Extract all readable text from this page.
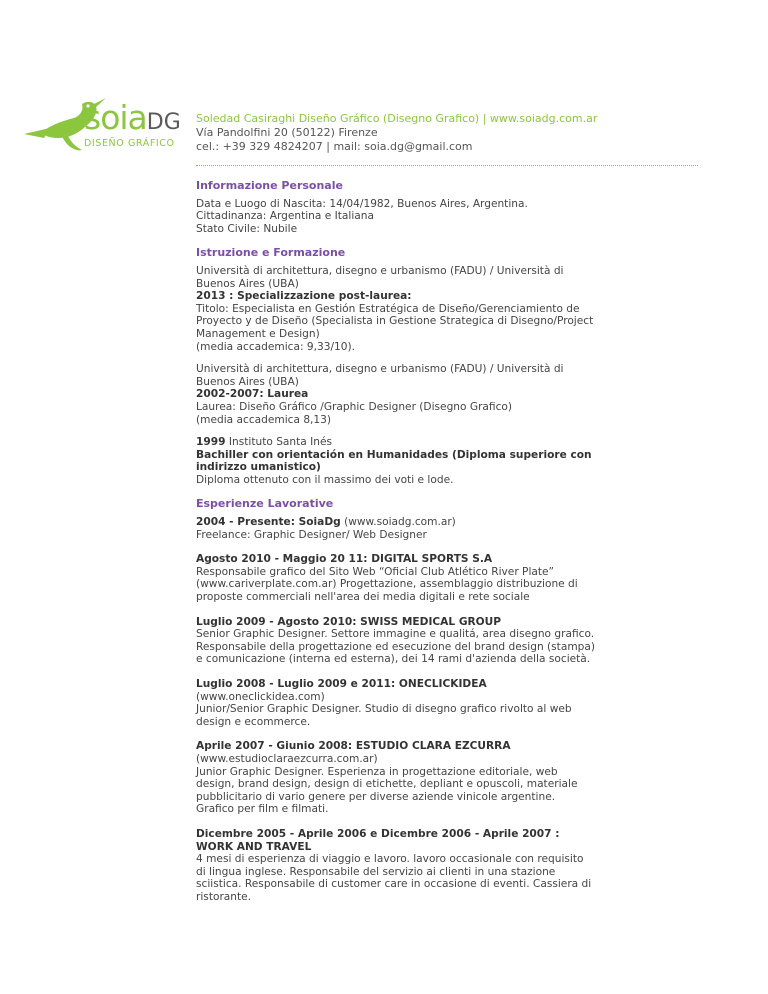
soiaDG
DISEÑO GRÁFICO
Soledad Casiraghi Diseño Gráfico (Disegno Grafico) | www.soiadg.com.ar
Vía Pandolfini 20 (50122) Firenze
cel.: +39 329 4824207 | mail: soia.dg@gmail.com
Informazione Personale

Data e Luogo di Nascita: 14/04/1982, Buenos Aires, Argentina.

Cittadinanza: Argentina e Italiana

Stato Civile: Nubile

Istruzione e Formazione

Università di architettura, disegno e urbanismo (FADU) / Università di Buenos Aires (UBA)

2013 : Specializzazione post-laurea:

Titolo: Especialista en Gestión Estratégica de Diseño/Gerenciamiento de Proyecto y de Diseño (Specialista in Gestione Strategica di Disegno/Project Management e Design)

(media accademica: 9,33/10).

Università di architettura, disegno e urbanismo (FADU) / Università di Buenos Aires (UBA)

2002-2007: Laurea

Laurea: Diseño Gráfico /Graphic Designer (Disegno Grafico)

(media accademica 8,13)

1999 Instituto Santa Inés

Bachiller con orientación en Humanidades (Diploma superiore con indirizzo umanistico)

Diploma ottenuto con il massimo dei voti e lode.

Esperienze Lavorative

2004 - Presente: SoiaDg (www.soiadg.com.ar)

Freelance: Graphic Designer/ Web Designer

Agosto 2010 - Maggio 20 11: DIGITAL SPORTS S.A

Responsabile grafico del Sito Web “Oficial Club Atlético River Plate” (www.cariverplate.com.ar) Progettazione, assemblaggio distribuzione di proposte commerciali nell'area dei media digitali e rete sociale

Luglio 2009 - Agosto 2010: SWISS MEDICAL GROUP

Senior Graphic Designer. Settore immagine e qualitá, area disegno grafico. Responsabile della progettazione ed esecuzione del brand design (stampa) e comunicazione (interna ed esterna), dei 14 rami d'azienda della società.

Luglio 2008 - Luglio 2009 e 2011: ONECLICKIDEA (www.oneclickidea.com)

Junior/Senior Graphic Designer. Studio di disegno grafico rivolto al web design e ecommerce.

Aprile 2007 - Giunio 2008: ESTUDIO CLARA EZCURRA (www.estudioclaraezcurra.com.ar)

Junior Graphic Designer. Esperienza in progettazione editoriale, web design, brand design, design di etichette, depliant e opuscoli, materiale pubblicitario di vario genere per diverse aziende vinicole argentine. Grafico per film e filmati.

Dicembre 2005 - Aprile 2006 e Dicembre 2006 - Aprile 2007 : WORK AND TRAVEL

4 mesi di esperienza di viaggio e lavoro. lavoro occasionale con requisito di lingua inglese. Responsabile del servizio ai clienti in una stazione sciistica. Responsabile di customer care in occasione di eventi. Cassiera di ristorante.
